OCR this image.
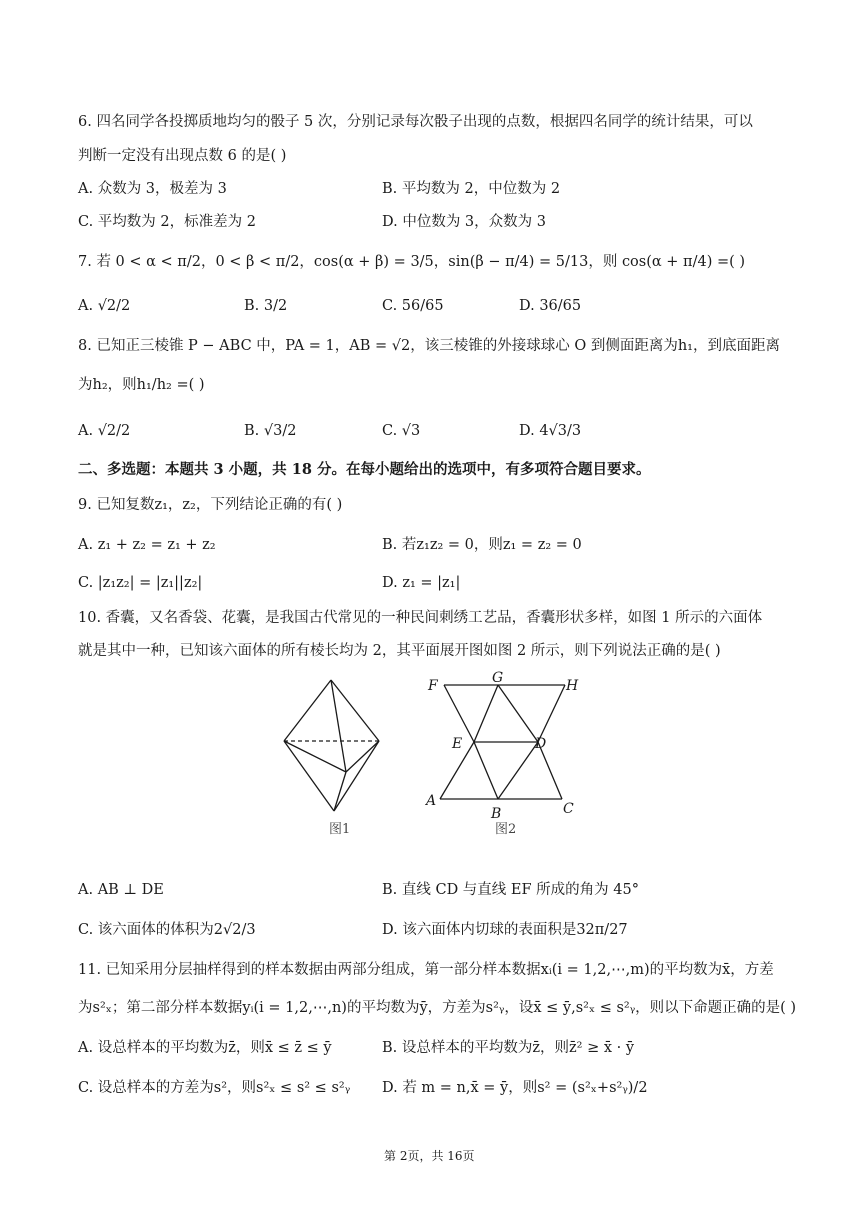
6. 四名同学各投掷质地均匀的骰子 5 次，分别记录每次骰子出现的点数，根据四名同学的统计结果，可以
判断一定没有出现点数 6 的是( )
A. 众数为 3，极差为 3	B. 平均数为 2，中位数为 2
C. 平均数为 2，标准差为 2	D. 中位数为 3，众数为 3
7. 若 0 < α < π/2，0 < β < π/2，cos(α + β) = 3/5，sin(β − π/4) = 5/13，则 cos(α + π/4) =( )
A. √2/2	B. 3/2	C. 56/65	D. 36/65
8. 已知正三棱锥 P − ABC 中，PA = 1，AB = √2，该三棱锥的外接球球心 O 到侧面距离为h₁，到底面距离
为h₂，则h₁/h₂ =( )
A. √2/2	B. √3/2	C. √3	D. 4√3/3
二、多选题：本题共 3 小题，共 18 分。在每小题给出的选项中，有多项符合题目要求。
9. 已知复数z₁，z₂，下列结论正确的有( )
A. z₁ + z₂ = z₁ + z₂	B. 若z₁z₂ = 0，则z₁ = z₂ = 0
C. |z₁z₂| = |z₁||z₂|	D. z₁ = |z₁|
10. 香囊，又名香袋、花囊，是我国古代常见的一种民间刺绣工艺品，香囊形状多样，如图 1 所示的六面体
就是其中一种，已知该六面体的所有棱长均为 2，其平面展开图如图 2 所示，则下列说法正确的是( )
图1
F	G	H
E	D
A
B	C
图2
A. AB ⊥ DE	B. 直线 CD 与直线 EF 所成的角为 45°
C. 该六面体的体积为2√2/3	D. 该六面体内切球的表面积是32π/27
11. 已知采用分层抽样得到的样本数据由两部分组成，第一部分样本数据xᵢ(i = 1,2,⋯,m)的平均数为x̄，方差
为s²ₓ；第二部分样本数据yᵢ(i = 1,2,⋯,n)的平均数为ȳ，方差为s²ᵧ，设x̄ ≤ ȳ,s²ₓ ≤ s²ᵧ，则以下命题正确的是( )
A. 设总样本的平均数为z̄，则x̄ ≤ z̄ ≤ ȳ	B. 设总样本的平均数为z̄，则z̄² ≥ x̄ · ȳ
C. 设总样本的方差为s²，则s²ₓ ≤ s² ≤ s²ᵧ D. 若 m = n,x̄ = ȳ，则s² = (s²ₓ+s²ᵧ)/2
第 2页，共 16页
